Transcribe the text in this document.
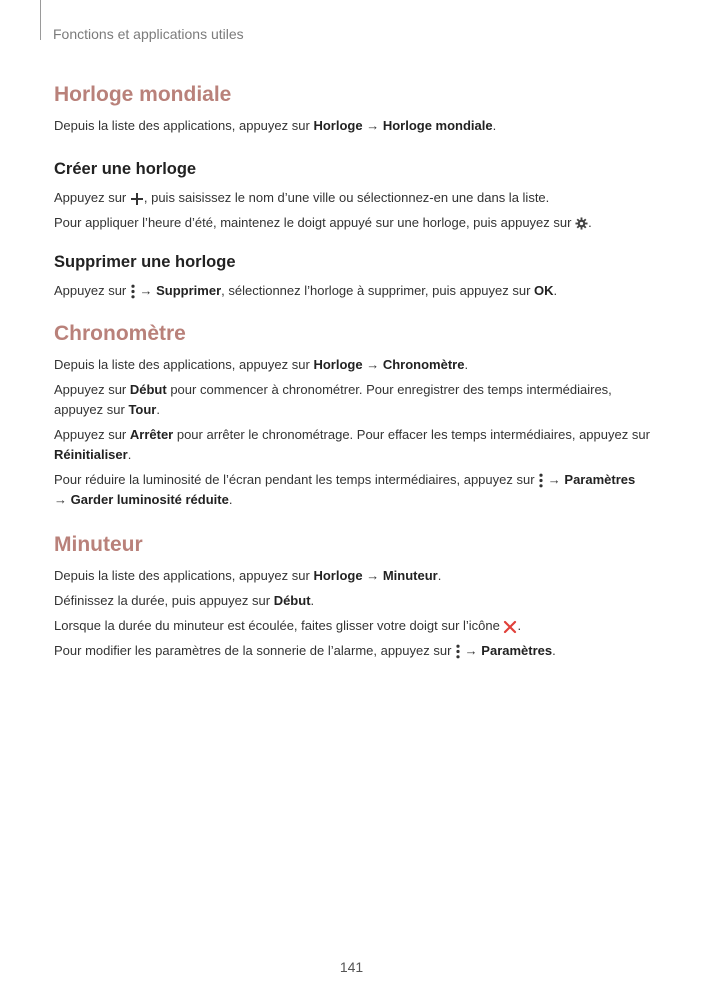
Fonctions et applications utiles
Horloge mondiale

Depuis la liste des applications, appuyez sur Horloge → Horloge mondiale.

Créer une horloge

Appuyez sur , puis saisissez le nom d’une ville ou sélectionnez-en une dans la liste.

Pour appliquer l’heure d’été, maintenez le doigt appuyé sur une horloge, puis appuyez sur .

Supprimer une horloge

Appuyez sur  → Supprimer, sélectionnez l’horloge à supprimer, puis appuyez sur OK.

Chronomètre

Depuis la liste des applications, appuyez sur Horloge → Chronomètre.

Appuyez sur Début pour commencer à chronométrer. Pour enregistrer des temps intermédiaires, appuyez sur Tour.

Appuyez sur Arrêter pour arrêter le chronométrage. Pour effacer les temps intermédiaires, appuyez sur Réinitialiser.

Pour réduire la luminosité de l’écran pendant les temps intermédiaires, appuyez sur  → Paramètres
→ Garder luminosité réduite.

Minuteur

Depuis la liste des applications, appuyez sur Horloge → Minuteur.

Définissez la durée, puis appuyez sur Début.

Lorsque la durée du minuteur est écoulée, faites glisser votre doigt sur l’icône .

Pour modifier les paramètres de la sonnerie de l’alarme, appuyez sur  → Paramètres.

141
